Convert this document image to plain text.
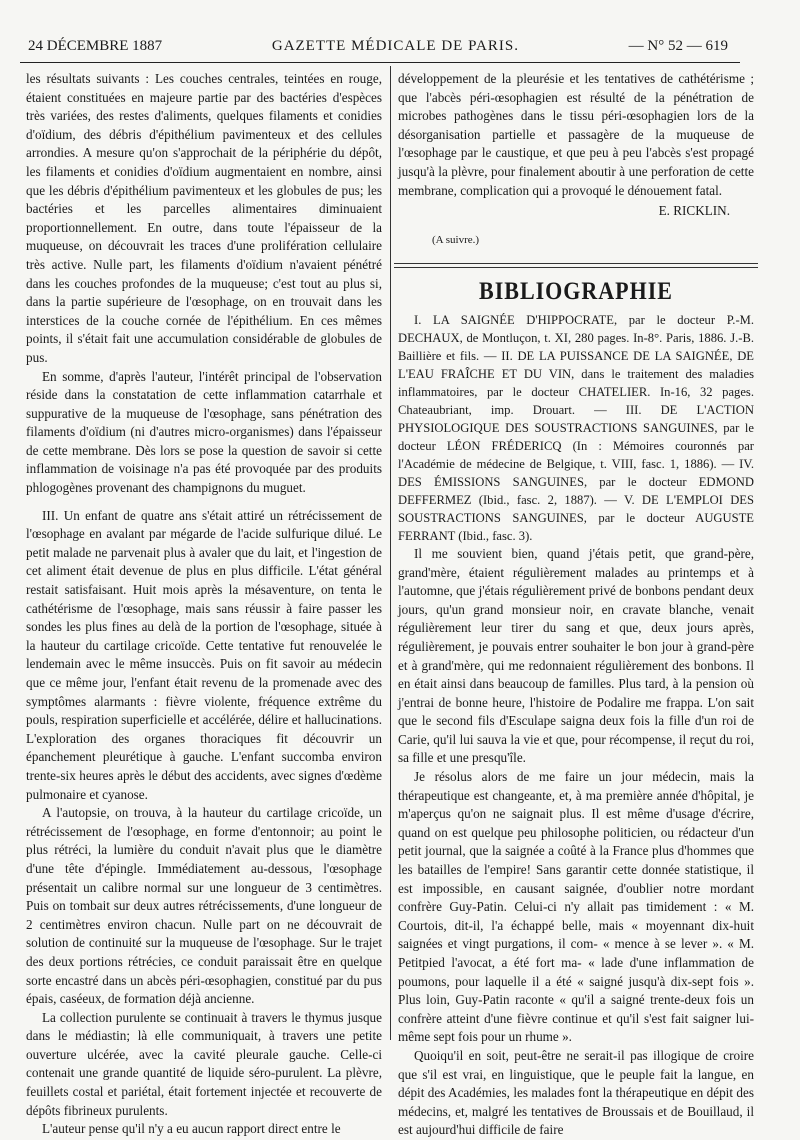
24 DÉCEMBRE 1887	GAZETTE MÉDICALE DE PARIS.	— N° 52 — 619

les résultats suivants : Les couches centrales, teintées en rouge, étaient constituées en majeure partie par des bactéries d'espèces très variées, des restes d'aliments, quelques filaments et conidies d'oïdium, des débris d'épithélium pavimenteux et des cellules arrondies. A mesure qu'on s'approchait de la périphérie du dépôt, les filaments et conidies d'oïdium augmentaient en nombre, ainsi que les débris d'épithélium pavimenteux et les globules de pus; les bactéries et les parcelles alimentaires diminuaient proportionnellement. En outre, dans toute l'épaisseur de la muqueuse, on découvrait les traces d'une prolifération cellulaire très active. Nulle part, les filaments d'oïdium n'avaient pénétré dans les couches profondes de la muqueuse; c'est tout au plus si, dans la partie supérieure de l'œsophage, on en trouvait dans les interstices de la couche cornée de l'épithélium. En ces mêmes points, il s'était fait une accumulation considérable de globules de pus.

En somme, d'après l'auteur, l'intérêt principal de l'observation réside dans la constatation de cette inflammation catarrhale et suppurative de la muqueuse de l'œsophage, sans pénétration des filaments d'oïdium (ni d'autres micro-organismes) dans l'épaisseur de cette membrane. Dès lors se pose la question de savoir si cette inflammation de voisinage n'a pas été provoquée par des produits phlogogènes provenant des champignons du muguet.

III. Un enfant de quatre ans s'était attiré un rétrécissement de l'œsophage en avalant par mégarde de l'acide sulfurique dilué. Le petit malade ne parvenait plus à avaler que du lait, et l'ingestion de cet aliment était devenue de plus en plus difficile. L'état général restait satisfaisant. Huit mois après la mésaventure, on tenta le cathétérisme de l'œsophage, mais sans réussir à faire passer les sondes les plus fines au delà de la portion de l'œsophage, située à la hauteur du cartilage cricoïde. Cette tentative fut renouvelée le lendemain avec le même insuccès. Puis on fit savoir au médecin que ce même jour, l'enfant était revenu de la promenade avec des symptômes alarmants : fièvre violente, fréquence extrême du pouls, respiration superficielle et accélérée, délire et hallucinations. L'exploration des organes thoraciques fit découvrir un épanchement pleurétique à gauche. L'enfant succomba environ trente-six heures après le début des accidents, avec signes d'œdème pulmonaire et cyanose.

A l'autopsie, on trouva, à la hauteur du cartilage cricoïde, un rétrécissement de l'œsophage, en forme d'entonnoir; au point le plus rétréci, la lumière du conduit n'avait plus que le diamètre d'une tête d'épingle. Immédiatement au-dessous, l'œsophage présentait un calibre normal sur une longueur de 3 centimètres. Puis on tombait sur deux autres rétrécissements, d'une longueur de 2 centimètres environ chacun. Nulle part on ne découvrait de solution de continuité sur la muqueuse de l'œsophage. Sur le trajet des deux portions rétrécies, ce conduit paraissait être en quelque sorte encastré dans un abcès péri-œsophagien, constitué par du pus épais, caséeux, de formation déjà ancienne.

La collection purulente se continuait à travers le thymus jusque dans le médiastin; là elle communiquait, à travers une petite ouverture ulcérée, avec la cavité pleurale gauche. Celle-ci contenait une grande quantité de liquide séro-purulent. La plèvre, feuillets costal et pariétal, était fortement injectée et recouverte de dépôts fibrineux purulents.

L'auteur pense qu'il n'y a eu aucun rapport direct entre le

développement de la pleurésie et les tentatives de cathétérisme ; que l'abcès péri-œsophagien est résulté de la pénétration de microbes pathogènes dans le tissu péri-œsophagien lors de la désorganisation partielle et passagère de la muqueuse de l'œsophage par le caustique, et que peu à peu l'abcès s'est propagé jusqu'à la plèvre, pour finalement aboutir à une perforation de cette membrane, complication qui a provoqué le dénouement fatal.

E. RICKLIN.
(A suivre.)
BIBLIOGRAPHIE

I. LA SAIGNÉE D'HIPPOCRATE, par le docteur P.-M. DECHAUX, de Montluçon, t. XI, 280 pages. In-8°. Paris, 1886. J.-B. Baillière et fils. — II. DE LA PUISSANCE DE LA SAIGNÉE, DE L'EAU FRAÎCHE ET DU VIN, dans le traitement des maladies inflammatoires, par le docteur CHATELIER. In-16, 32 pages. Chateaubriant, imp. Drouart. — III. DE L'ACTION PHYSIOLOGIQUE DES SOUSTRACTIONS SANGUINES, par le docteur LÉON FRÉDERICQ (In : Mémoires couronnés par l'Académie de médecine de Belgique, t. VIII, fasc. 1, 1886). — IV. DES ÉMISSIONS SANGUINES, par le docteur EDMOND DEFFERMEZ (Ibid., fasc. 2, 1887). — V. DE L'EMPLOI DES SOUSTRACTIONS SANGUINES, par le docteur AUGUSTE FERRANT (Ibid., fasc. 3).

Il me souvient bien, quand j'étais petit, que grand-père, grand'mère, étaient régulièrement malades au printemps et à l'automne, que j'étais régulièrement privé de bonbons pendant deux jours, qu'un grand monsieur noir, en cravate blanche, venait régulièrement leur tirer du sang et que, deux jours après, régulièrement, je pouvais entrer souhaiter le bon jour à grand-père et à grand'mère, qui me redonnaient régulièrement des bonbons. Il en était ainsi dans beaucoup de familles. Plus tard, à la pension où j'entrai de bonne heure, l'histoire de Podalire me frappa. L'on sait que le second fils d'Esculape saigna deux fois la fille d'un roi de Carie, qu'il lui sauva la vie et que, pour récompense, il reçut du roi, sa fille et une presqu'île.

Je résolus alors de me faire un jour médecin, mais la thérapeutique est changeante, et, à ma première année d'hôpital, je m'aperçus qu'on ne saignait plus. Il est même d'usage d'écrire, quand on est quelque peu philosophe politicien, ou rédacteur d'un petit journal, que la saignée a coûté à la France plus d'hommes que les batailles de l'empire! Sans garantir cette donnée statistique, il est impossible, en causant saignée, d'oublier notre mordant confrère Guy-Patin. Celui-ci n'y allait pas timidement : « M. Courtois, dit-il, l'a échappé belle, mais « moyennant dix-huit saignées et vingt purgations, il com- « mence à se lever ». « M. Petitpied l'avocat, a été fort ma- « lade d'une inflammation de poumons, pour laquelle il a été « saigné jusqu'à dix-sept fois ». Plus loin, Guy-Patin raconte « qu'il a saigné trente-deux fois un confrère atteint d'une fièvre continue et qu'il s'est fait saigner lui-même sept fois pour un rhume ».

Quoiqu'il en soit, peut-être ne serait-il pas illogique de croire que s'il est vrai, en linguistique, que le peuple fait la langue, en dépit des Académies, les malades font la thérapeutique en dépit des médecins, et, malgré les tentatives de Broussais et de Bouillaud, il est aujourd'hui difficile de faire
